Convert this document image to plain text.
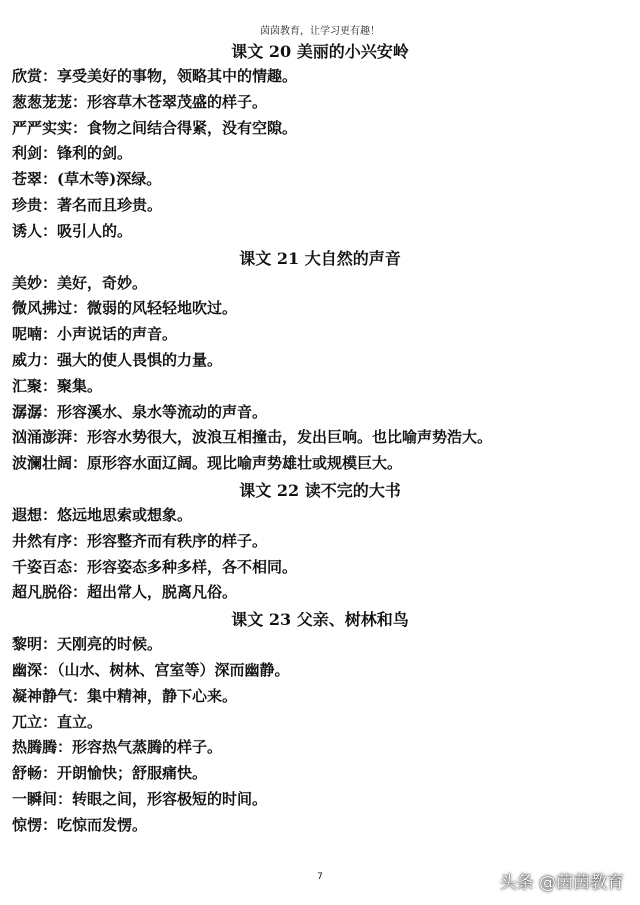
茵茵教育，让学习更有趣！
课文 20 美丽的小兴安岭
欣赏：享受美好的事物，领略其中的情趣。
葱葱茏茏：形容草木苍翠茂盛的样子。
严严实实：食物之间结合得紧，没有空隙。
利剑：锋利的剑。
苍翠：(草木等)深绿。
珍贵：著名而且珍贵。
诱人：吸引人的。
课文 21 大自然的声音
美妙：美好，奇妙。
微风拂过：微弱的风轻轻地吹过。
呢喃：小声说话的声音。
威力：强大的使人畏惧的力量。
汇聚：聚集。
潺潺：形容溪水、泉水等流动的声音。
汹涌澎湃：形容水势很大，波浪互相撞击，发出巨响。也比喻声势浩大。
波澜壮阔：原形容水面辽阔。现比喻声势雄壮或规模巨大。
课文 22 读不完的大书
遐想：悠远地思索或想象。
井然有序：形容整齐而有秩序的样子。
千姿百态：形容姿态多种多样，各不相同。
超凡脱俗：超出常人，脱离凡俗。
课文 23 父亲、树林和鸟
黎明：天刚亮的时候。
幽深：（山水、树林、宫室等）深而幽静。
凝神静气：集中精神，静下心来。
兀立：直立。
热腾腾：形容热气蒸腾的样子。
舒畅：开朗愉快；舒服痛快。
一瞬间：转眼之间，形容极短的时间。
惊愣：吃惊而发愣。
7	头条 @茵茵教育
